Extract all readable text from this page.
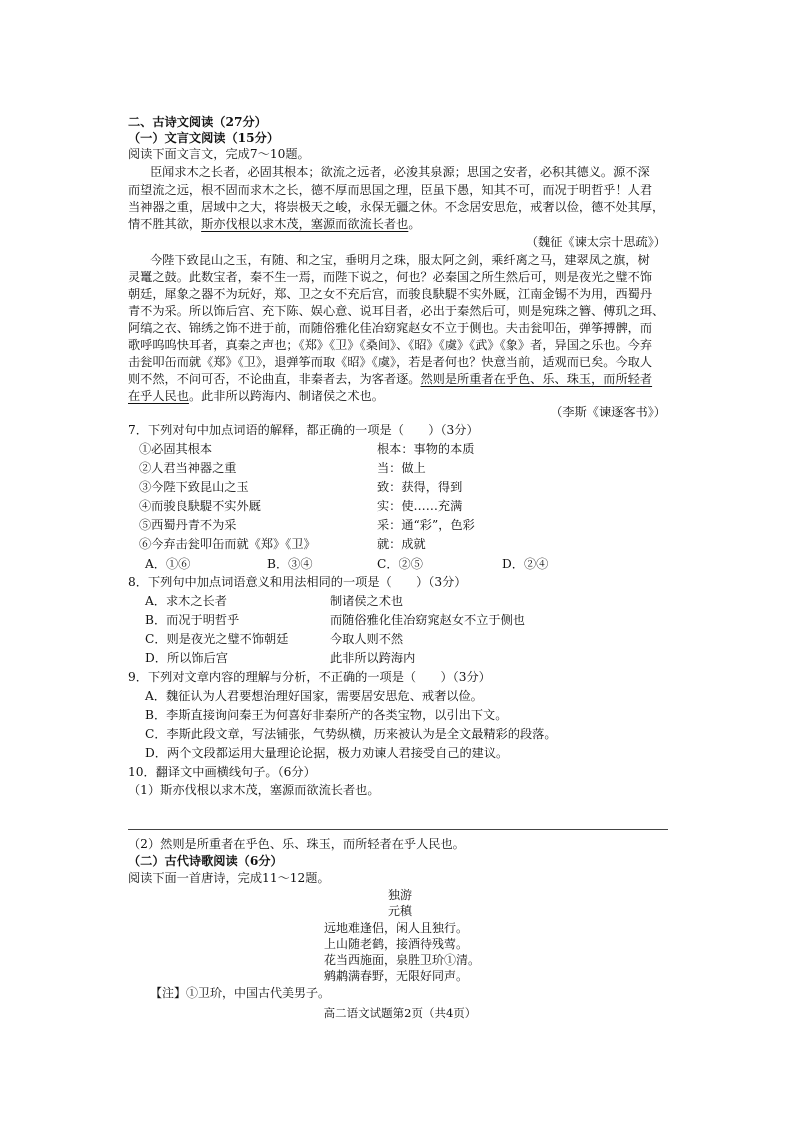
二、古诗文阅读（27分）
（一）文言文阅读（15分）
阅读下面文言文，完成7～10题。
臣闻求木之长者，必固其根本；欲流之远者，必浚其泉源；思国之安者，必积其德义。源不深
而望流之远，根不固而求木之长，德不厚而思国之理，臣虽下愚，知其不可，而况于明哲乎！人君
当神器之重，居域中之大，将崇极天之峻，永保无疆之休。不念居安思危，戒奢以俭，德不处其厚，
情不胜其欲，斯亦伐根以求木茂，塞源而欲流长者也。
（魏征《谏太宗十思疏》）
今陛下致昆山之玉，有随、和之宝，垂明月之珠，服太阿之剑，乘纤离之马，建翠凤之旗，树
灵鼍之鼓。此数宝者，秦不生一焉，而陛下说之，何也？必秦国之所生然后可，则是夜光之璧不饰
朝廷，犀象之器不为玩好，郑、卫之女不充后宫，而骏良駃騠不实外厩，江南金锡不为用，西蜀丹
青不为采。所以饰后宫、充下陈、娱心意、说耳目者，必出于秦然后可，则是宛珠之簪、傅玑之珥、
阿缟之衣、锦绣之饰不进于前，而随俗雅化佳冶窈窕赵女不立于侧也。夫击瓮叩缶，弹筝搏髀，而
歌呼呜呜快耳者，真秦之声也；《郑》《卫》《桑间》、《昭》《虞》《武》《象》者，异国之乐也。今弃
击瓮叩缶而就《郑》《卫》，退弹筝而取《昭》《虞》，若是者何也？快意当前，适观而已矣。今取人
则不然，不问可否，不论曲直，非秦者去，为客者逐。然则是所重者在乎色、乐、珠玉，而所轻者
在乎人民也。此非所以跨海内、制诸侯之术也。
（李斯《谏逐客书》）
7．下列对句中加点词语的解释，都正确的一项是（　　）（3分）
①必固其根本	根本：事物的本质
②人君当神器之重	当：做上
③今陛下致昆山之玉	致：获得，得到
④而骏良駃騠不实外厩	实：使……充满
⑤西蜀丹青不为采	采：通“彩”，色彩
⑥今弃击瓮叩缶而就《郑》《卫》	就：成就
A．①⑥	B．③④	C．②⑤	D．②④
8．下列句中加点词语意义和用法相同的一项是（　　）（3分）
A．求木之长者	制诸侯之术也
B．而况于明哲乎	而随俗雅化佳冶窈窕赵女不立于侧也
C．则是夜光之璧不饰朝廷	今取人则不然
D．所以饰后宫	此非所以跨海内
9．下列对文章内容的理解与分析，不正确的一项是（　　）（3分）
A．魏征认为人君要想治理好国家，需要居安思危、戒奢以俭。
B．李斯直接询问秦王为何喜好非秦所产的各类宝物，以引出下文。
C．李斯此段文章，写法铺张，气势纵横，历来被认为是全文最精彩的段落。
D．两个文段都运用大量理论论据，极力劝谏人君接受自己的建议。
10．翻译文中画横线句子。（6分）
（1）斯亦伐根以求木茂，塞源而欲流长者也。
（2）然则是所重者在乎色、乐、珠玉，而所轻者在乎人民也。
（二）古代诗歌阅读（6分）
阅读下面一首唐诗，完成11～12题。
独游
元稹
远地难逢侣，闲人且独行。
上山随老鹤，接酒待残莺。
花当西施面，泉胜卫玠①清。
鹓鹔满春野，无限好同声。
【注】①卫玠，中国古代美男子。
高二语文试题第2页（共4页）
